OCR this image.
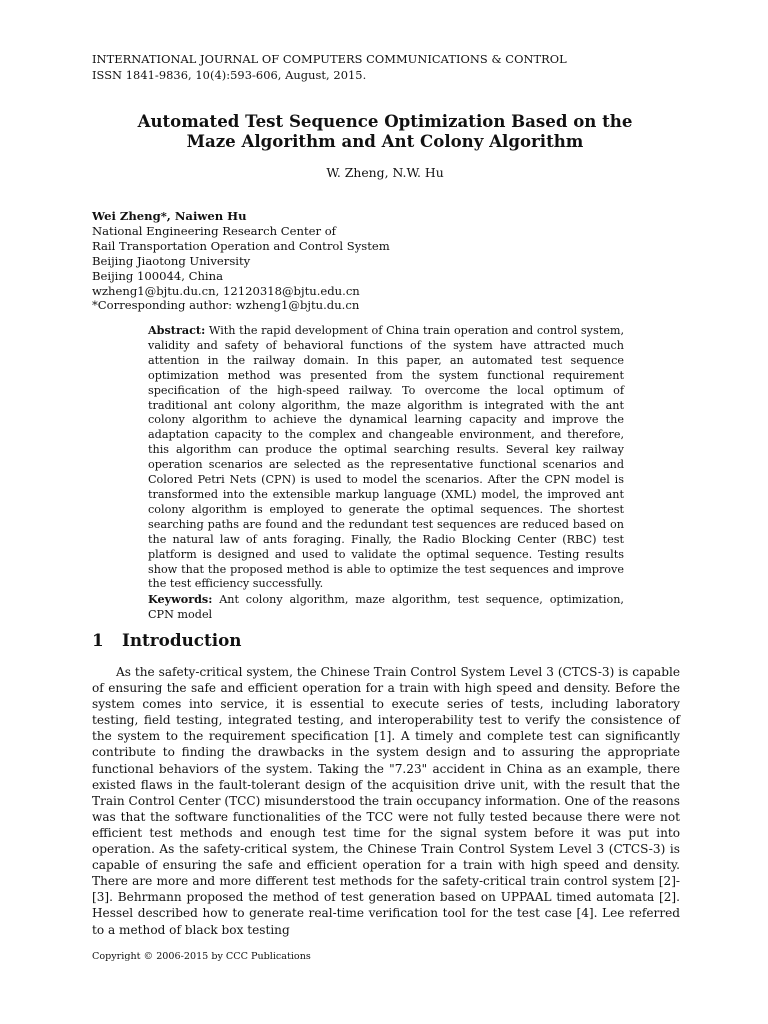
INTERNATIONAL JOURNAL OF COMPUTERS COMMUNICATIONS & CONTROL
ISSN 1841-9836, 10(4):593-606, August, 2015.
Automated Test Sequence Optimization Based on the
Maze Algorithm and Ant Colony Algorithm
W. Zheng, N.W. Hu
Wei Zheng*, Naiwen Hu
National Engineering Research Center of
Rail Transportation Operation and Control System
Beijing Jiaotong University
Beijing 100044, China
wzheng1@bjtu.du.cn, 12120318@bjtu.edu.cn
*Corresponding author: wzheng1@bjtu.du.cn

Abstract: With the rapid development of China train operation and control system, validity and safety of behavioral functions of the system have attracted much attention in the railway domain. In this paper, an automated test sequence optimization method was presented from the system functional requirement specification of the high-speed railway. To overcome the local optimum of traditional ant colony algorithm, the maze algorithm is integrated with the ant colony algorithm to achieve the dynamical learning capacity and improve the adaptation capacity to the complex and changeable environment, and therefore, this algorithm can produce the optimal searching results. Several key railway operation scenarios are selected as the representative functional scenarios and Colored Petri Nets (CPN) is used to model the scenarios. After the CPN model is transformed into the extensible markup language (XML) model, the improved ant colony algorithm is employed to generate the optimal sequences. The shortest searching paths are found and the redundant test sequences are reduced based on the natural law of ants foraging. Finally, the Radio Blocking Center (RBC) test platform is designed and used to validate the optimal sequence. Testing results show that the proposed method is able to optimize the test sequences and improve the test efficiency successfully.

Keywords: Ant colony algorithm, maze algorithm, test sequence, optimization, CPN model

1 Introduction

As the safety-critical system, the Chinese Train Control System Level 3 (CTCS-3) is capable of ensuring the safe and efficient operation for a train with high speed and density. Before the system comes into service, it is essential to execute series of tests, including laboratory testing, field testing, integrated testing, and interoperability test to verify the consistence of the system to the requirement specification [1]. A timely and complete test can significantly contribute to finding the drawbacks in the system design and to assuring the appropriate functional behaviors of the system. Taking the "7.23" accident in China as an example, there existed flaws in the fault-tolerant design of the acquisition drive unit, with the result that the Train Control Center (TCC) misunderstood the train occupancy information. One of the reasons was that the software functionalities of the TCC were not fully tested because there were not efficient test methods and enough test time for the signal system before it was put into operation. As the safety-critical system, the Chinese Train Control System Level 3 (CTCS-3) is capable of ensuring the safe and efficient operation for a train with high speed and density. There are more and more different test methods for the safety-critical train control system [2]- [3]. Behrmann proposed the method of test generation based on UPPAAL timed automata [2]. Hessel described how to generate real-time verification tool for the test case [4]. Lee referred to a method of black box testing

Copyright © 2006-2015 by CCC Publications
